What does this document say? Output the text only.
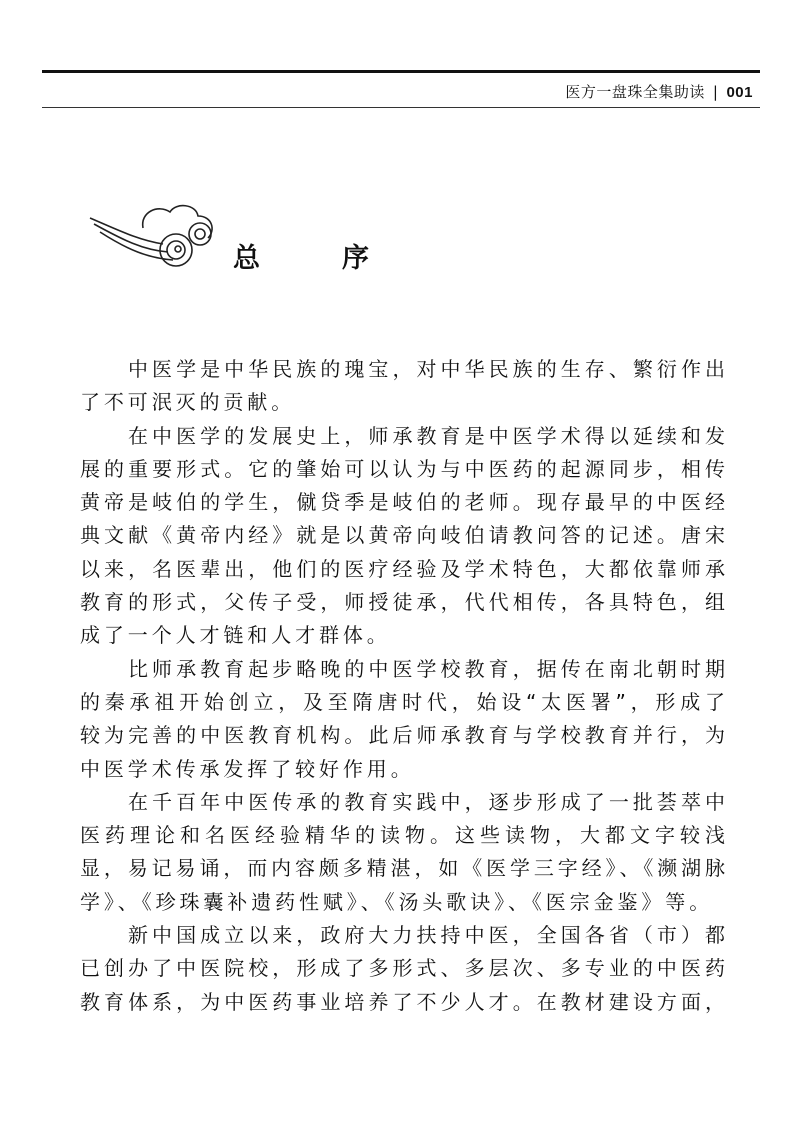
医方一盘珠全集助读 | 001
总	序
中医学是中华民族的瑰宝，对中华民族的生存、繁衍作出
了不可泯灭的贡献。
在中医学的发展史上，师承教育是中医学术得以延续和发
展的重要形式。它的肇始可以认为与中医药的起源同步，相传
黄帝是岐伯的学生，僦贷季是岐伯的老师。现存最早的中医经
典文献《黄帝内经》就是以黄帝向岐伯请教问答的记述。唐宋
以来，名医辈出，他们的医疗经验及学术特色，大都依靠师承
教育的形式，父传子受，师授徒承，代代相传，各具特色，组
成了一个人才链和人才群体。
比师承教育起步略晚的中医学校教育，据传在南北朝时期
的秦承祖开始创立，及至隋唐时代，始设“太医署”，形成了
较为完善的中医教育机构。此后师承教育与学校教育并行，为
中医学术传承发挥了较好作用。
在千百年中医传承的教育实践中，逐步形成了一批荟萃中
医药理论和名医经验精华的读物。这些读物，大都文字较浅
显，易记易诵，而内容颇多精湛，如《医学三字经》、《濒湖脉
学》、《珍珠囊补遗药性赋》、《汤头歌诀》、《医宗金鉴》等。
新中国成立以来，政府大力扶持中医，全国各省（市）都
已创办了中医院校，形成了多形式、多层次、多专业的中医药
教育体系，为中医药事业培养了不少人才。在教材建设方面，
